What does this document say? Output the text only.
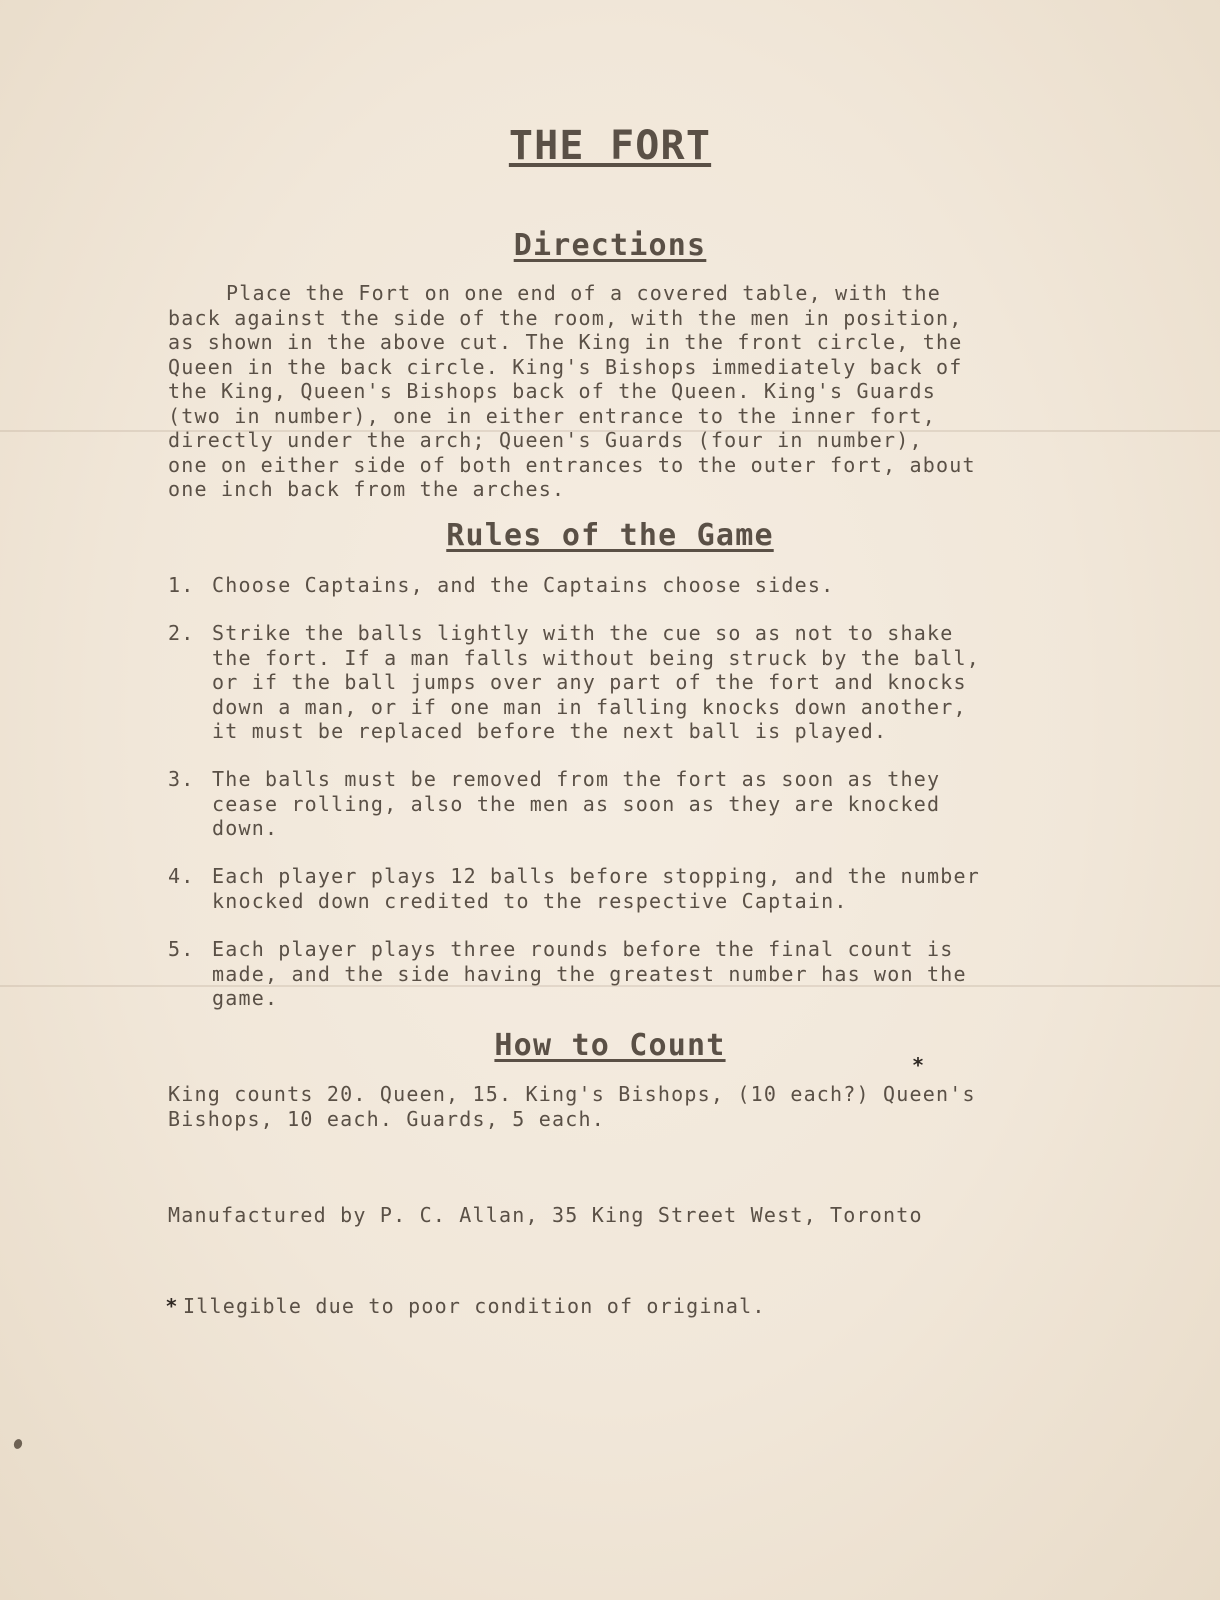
THE FORT
Directions

Place the Fort on one end of a covered table, with the
back against the side of the room, with the men in position,
as shown in the above cut. The King in the front circle, the
Queen in the back circle. King's Bishops immediately back of
the King, Queen's Bishops back of the Queen. King's Guards
(two in number), one in either entrance to the inner fort,
directly under the arch; Queen's Guards (four in number),
one on either side of both entrances to the outer fort, about
one inch back from the arches.

Rules of the Game
1. Choose Captains, and the Captains choose sides.
2. Strike the balls lightly with the cue so as not to shake
the fort. If a man falls without being struck by the ball,
or if the ball jumps over any part of the fort and knocks
down a man, or if one man in falling knocks down another,
it must be replaced before the next ball is played.
3. The balls must be removed from the fort as soon as they
cease rolling, also the men as soon as they are knocked
down.
4. Each player plays 12 balls before stopping, and the number
knocked down credited to the respective Captain.
5. Each player plays three rounds before the final count is
made, and the side having the greatest number has won the
game.
How to Count
*

King counts 20. Queen, 15. King's Bishops, (10 each?) Queen's
Bishops, 10 each. Guards, 5 each.

Manufactured by P. C. Allan, 35 King Street West, Toronto

* Illegible due to poor condition of original.
